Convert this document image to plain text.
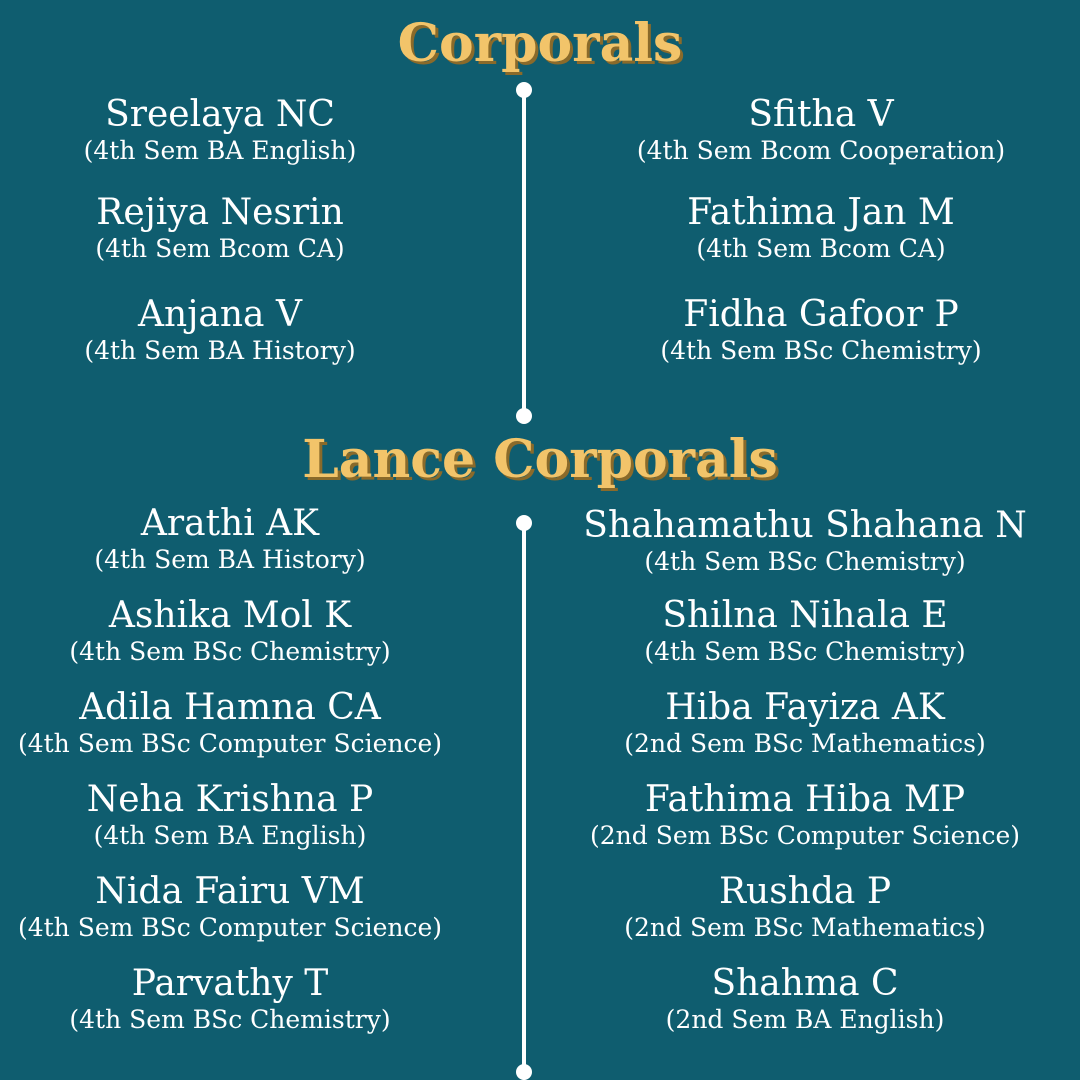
Corporals
Sreelaya NC
(4th Sem BA English)
Rejiya Nesrin
(4th Sem Bcom CA)
Anjana V
(4th Sem BA History)
Sfitha V
(4th Sem Bcom Cooperation)
Fathima Jan M
(4th Sem Bcom CA)
Fidha Gafoor P
(4th Sem BSc Chemistry)
Lance Corporals
Arathi AK
(4th Sem BA History)
Ashika Mol K
(4th Sem BSc Chemistry)
Adila Hamna CA
(4th Sem BSc Computer Science)
Neha Krishna P
(4th Sem BA English)
Nida Fairu VM
(4th Sem BSc Computer Science)
Parvathy T
(4th Sem BSc Chemistry)
Shahamathu Shahana N
(4th Sem BSc Chemistry)
Shilna Nihala E
(4th Sem BSc Chemistry)
Hiba Fayiza AK
(2nd Sem BSc Mathematics)
Fathima Hiba MP
(2nd Sem BSc Computer Science)
Rushda P
(2nd Sem BSc Mathematics)
Shahma C
(2nd Sem BA English)
